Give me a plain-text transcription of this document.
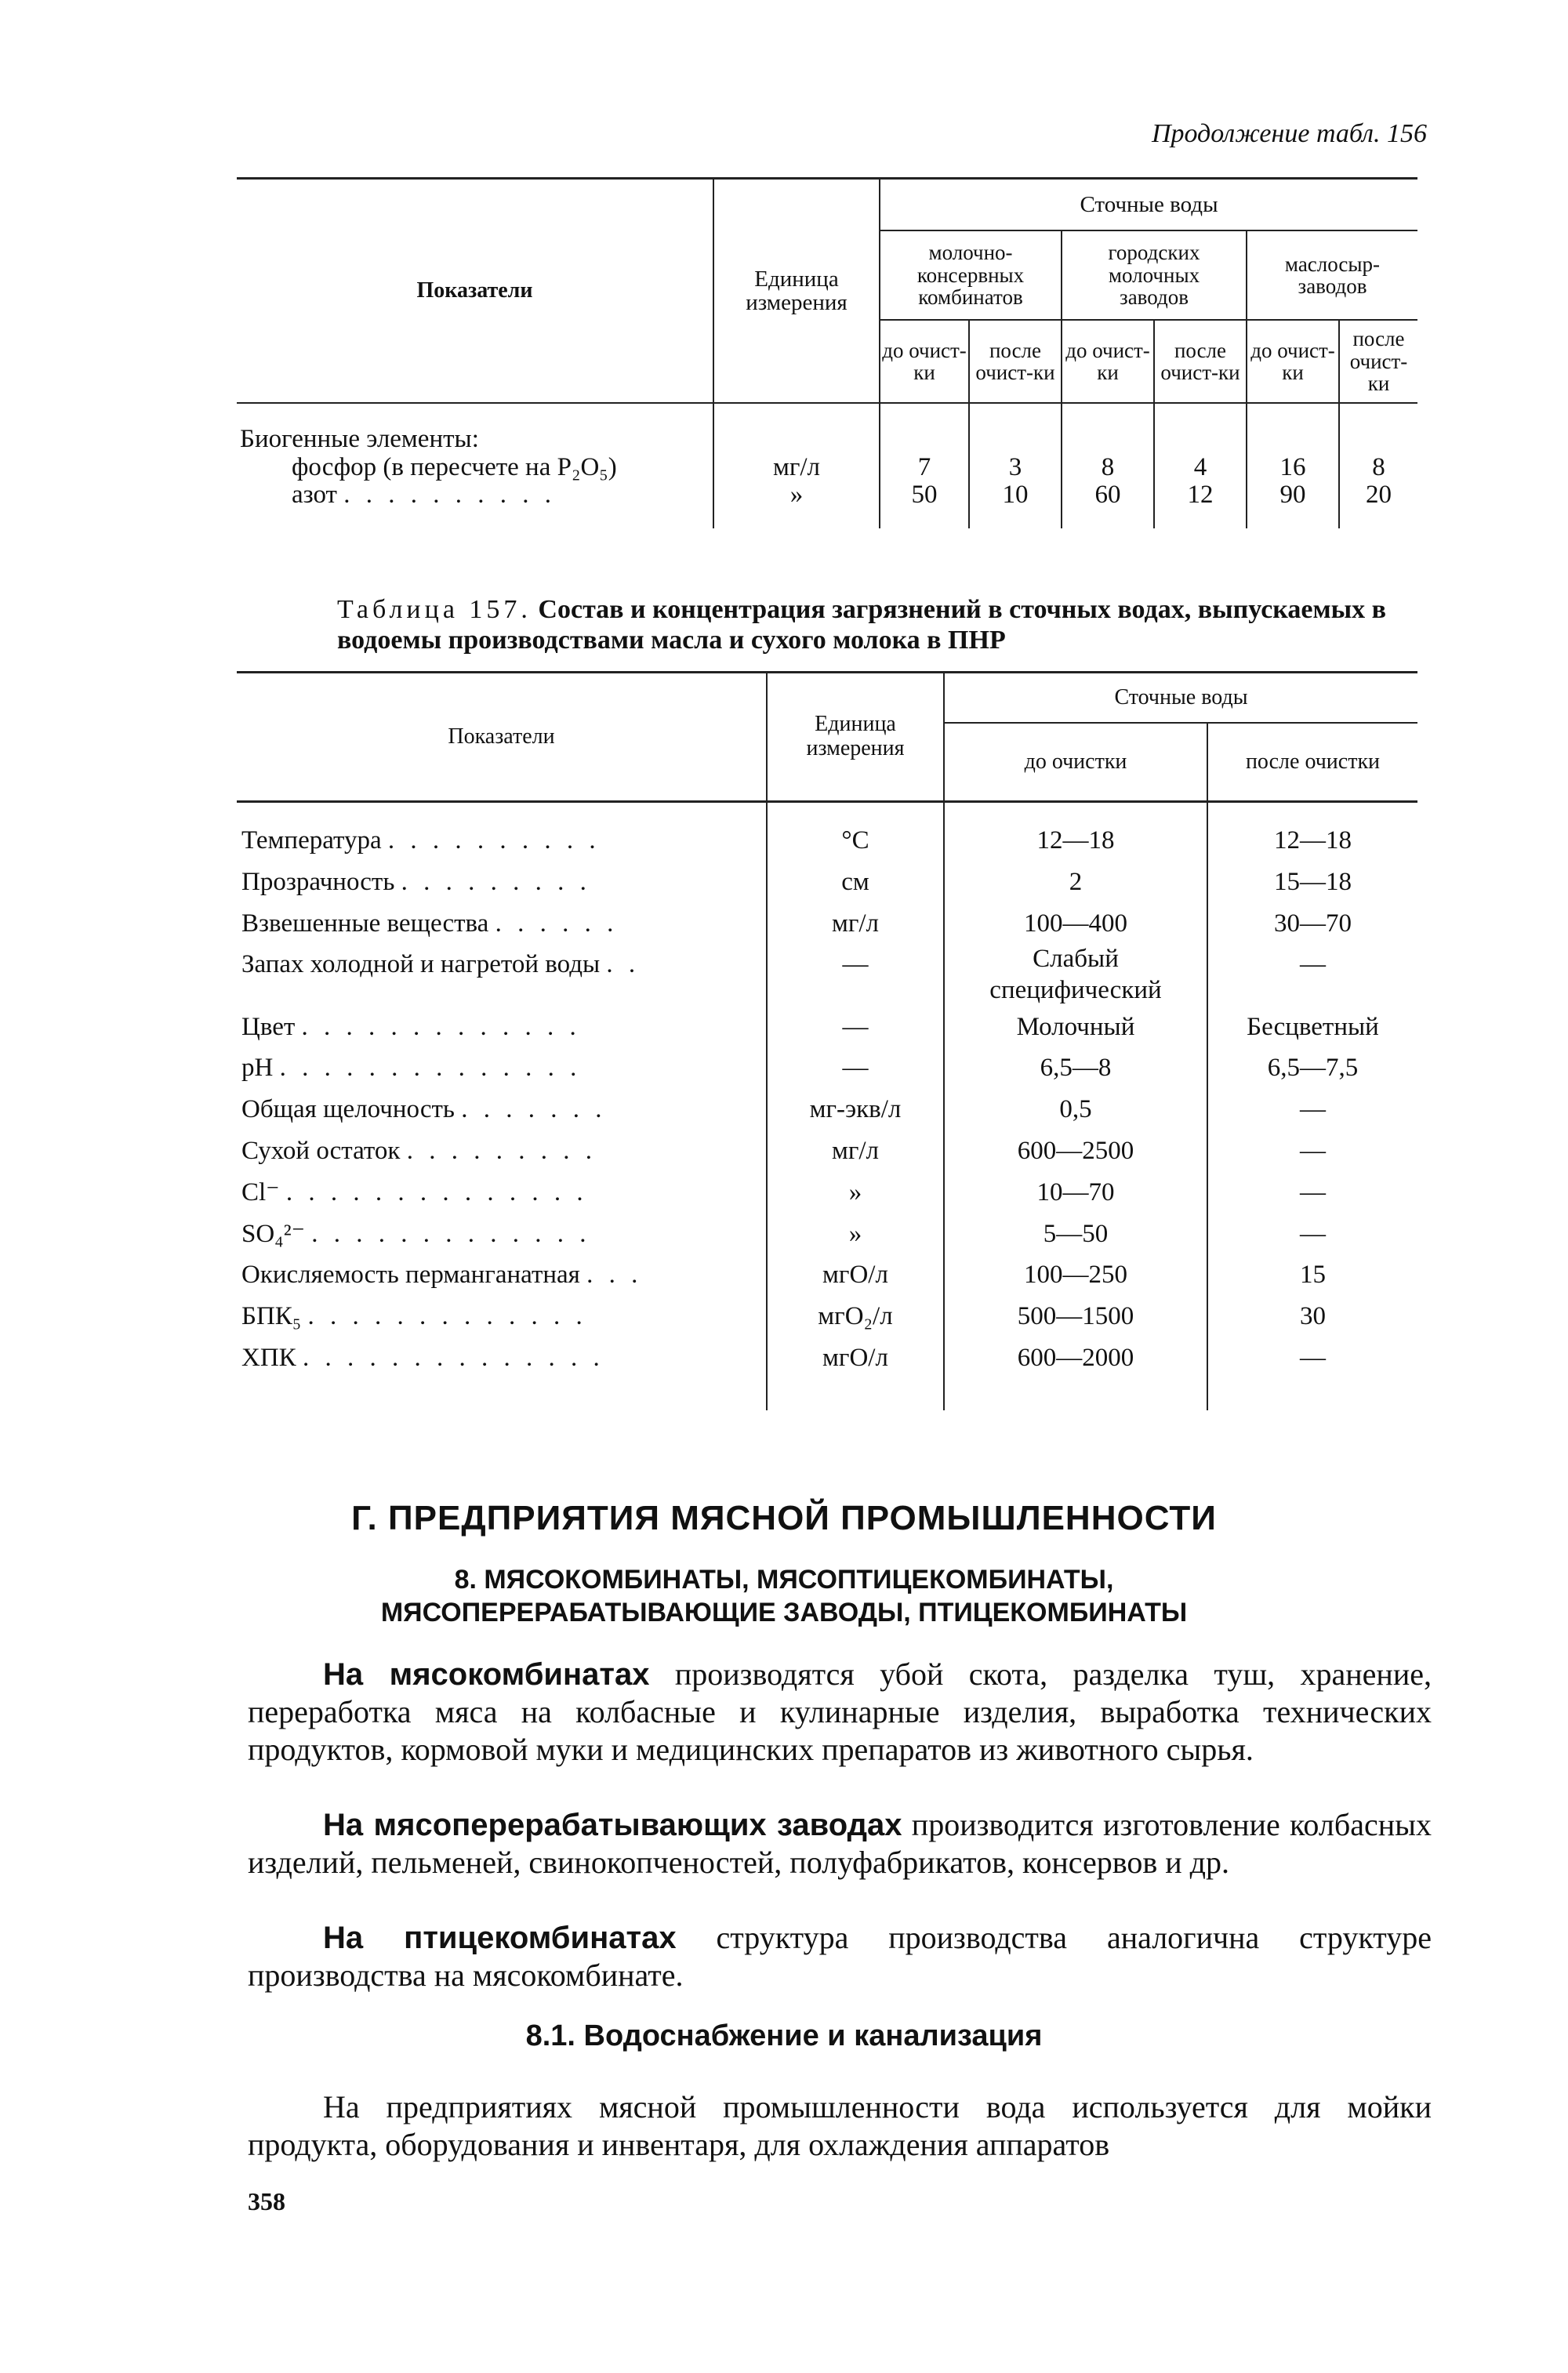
Продолжение табл. 156
Показатели	Единица измерения	Сточные воды					
		молочно-консервных комбинатов		городских молочных заводов		маслосыр-заводов	
		до очист-ки	после очист-ки	до очист-ки	после очист-ки	до очист-ки	после очист-ки
Биогенные элементы:							
фосфор (в пересчете на P₂O₅)	мг/л	7	3	8	4	16	8
азот . . . . . . . . . .	»	50	10	60	12	90	20
Таблица 157. Состав и концентрация загрязнений в сточных водах, выпускаемых в водоемы производствами масла и сухого молока в ПНР
Показатели	Единица измерения	Сточные воды	
		до очистки	после очистки
Температура . . . . . . . . . .	°С	12—18	12—18
Прозрачность . . . . . . . . .	см	2	15—18
Взвешенные вещества . . . . . .	мг/л	100—400	30—70
Запах холодной и нагретой воды . .	—	Слабый специфический	—
Цвет . . . . . . . . . . . . .	—	Молочный	Бесцветный
pH . . . . . . . . . . . . . .	—	6,5—8	6,5—7,5
Общая щелочность . . . . . . .	мг-экв/л	0,5	—
Сухой остаток . . . . . . . . .	мг/л	600—2500	—
Cl⁻ . . . . . . . . . . . . . .	»	10—70	—
SO₄²⁻ . . . . . . . . . . . . .	»	5—50	—
Окисляемость перманганатная . . .	мгО/л	100—250	15
БПК₅ . . . . . . . . . . . . .	мгО₂/л	500—1500	30
ХПК . . . . . . . . . . . . . .	мгО/л	600—2000	—
Г. ПРЕДПРИЯТИЯ МЯСНОЙ ПРОМЫШЛЕННОСТИ
8. МЯСОКОМБИНАТЫ, МЯСОПТИЦЕКОМБИНАТЫ,
МЯСОПЕРЕРАБАТЫВАЮЩИЕ ЗАВОДЫ, ПТИЦЕКОМБИНАТЫ
На мясокомбинатах производятся убой скота, разделка туш, хранение, переработка мяса на колбасные и кулинарные изделия, выработка технических продуктов, кормовой муки и медицинских препаратов из животного сырья.
На мясоперерабатывающих заводах производится изготовление колбасных изделий, пельменей, свинокопченостей, полуфабрикатов, консервов и др.
На птицекомбинатах структура производства аналогична структуре производства на мясокомбинате.
8.1. Водоснабжение и канализация
На предприятиях мясной промышленности вода используется для мойки продукта, оборудования и инвентаря, для охлаждения аппаратов
358
